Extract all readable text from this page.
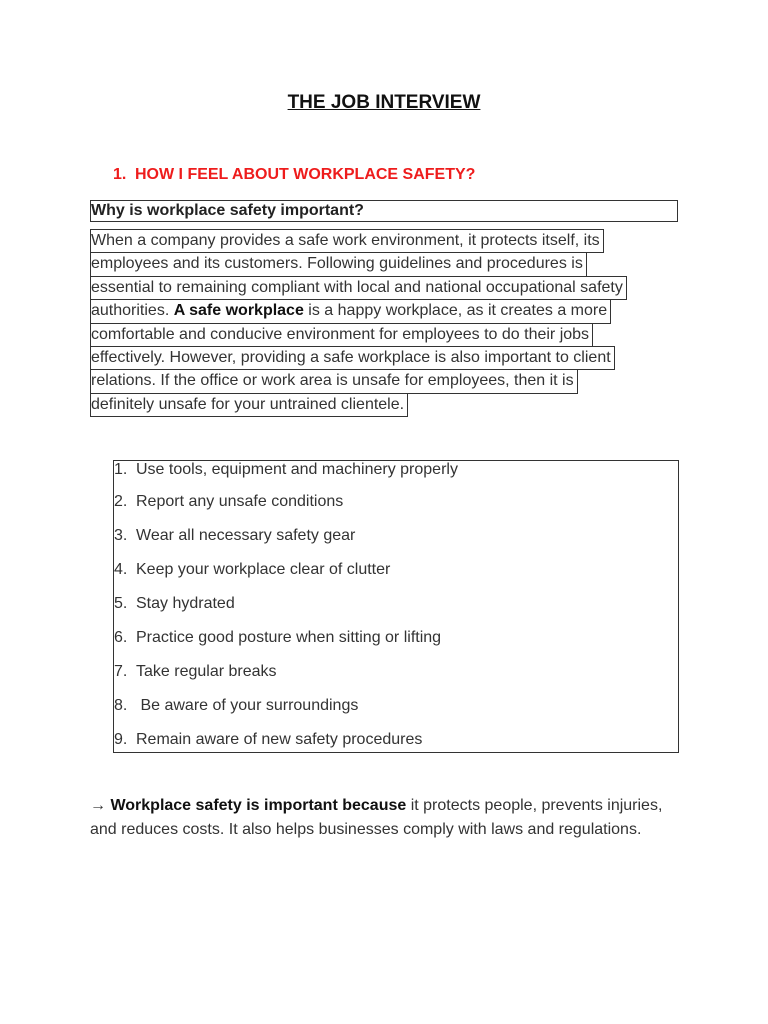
THE JOB INTERVIEW
1. HOW I FEEL ABOUT WORKPLACE SAFETY?
Why is workplace safety important?
When a company provides a safe work environment, it protects itself, its
employees and its customers. Following guidelines and procedures is
essential to remaining compliant with local and national occupational safety
authorities. A safe workplace is a happy workplace, as it creates a more
comfortable and conducive environment for employees to do their jobs
effectively. However, providing a safe workplace is also important to client
relations. If the office or work area is unsafe for employees, then it is
definitely unsafe for your untrained clientele.
1. Use tools, equipment and machinery properly
2. Report any unsafe conditions
3. Wear all necessary safety gear
4. Keep your workplace clear of clutter
5. Stay hydrated
6. Practice good posture when sitting or lifting
7. Take regular breaks
8. Be aware of your surroundings
9. Remain aware of new safety procedures
→ Workplace safety is important because it protects people, prevents injuries, and reduces costs. It also helps businesses comply with laws and regulations.
